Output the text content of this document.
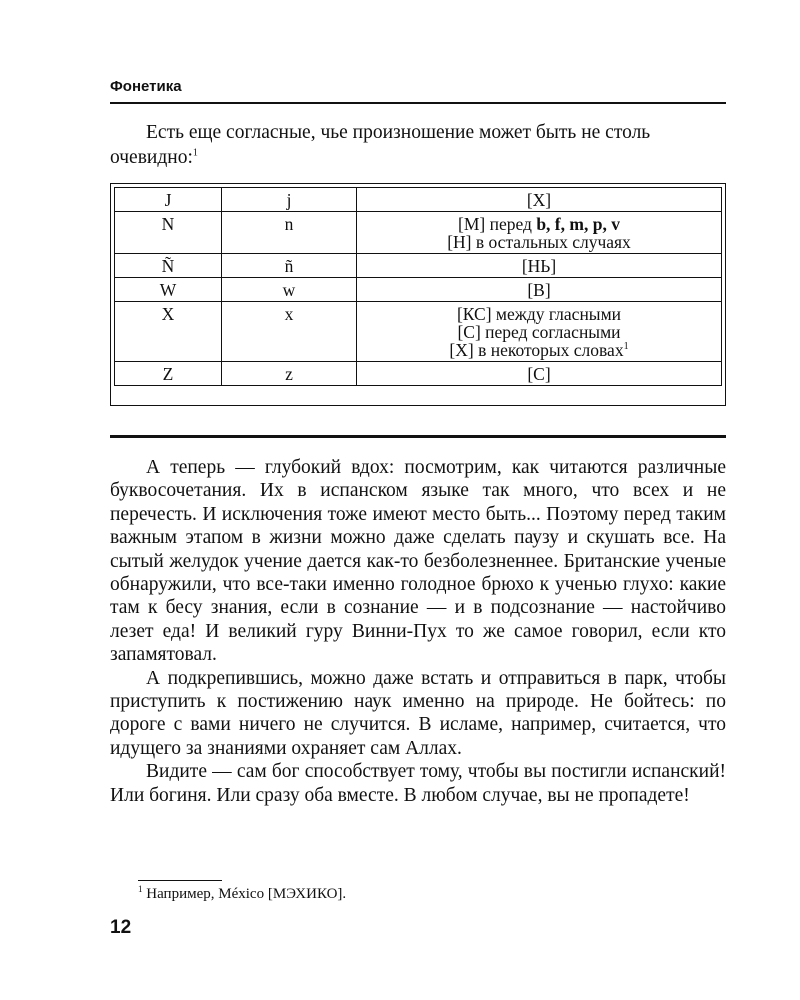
Фонетика

Есть еще согласные, чье произношение может быть не столь очевидно:$^1$

J	j	[Х]

N	n	[М] перед b, f, m, p, v
[Н] в остальных случаях

Ñ	ñ	[НЬ]

W	w	[В]

X	x	[КС] между гласными
[С] перед согласными
[Х] в некоторых словах$^1$

Z	z	[С]

А теперь — глубокий вдох: посмотрим, как читаются различные буквосочетания. Их в испанском языке так много, что всех и не перечесть. И исключения тоже имеют место быть... Поэтому перед таким важным этапом в жизни можно даже сделать паузу и скушать все. На сытый желудок учение дается как-то безболезненнее. Британские ученые обнаружили, что все-таки именно голодное брюхо к ученью глухо: какие там к бесу знания, если в сознание — и в подсознание — настойчиво лезет еда! И великий гуру Винни-Пух то же самое говорил, если кто запамятовал.

А подкрепившись, можно даже встать и отправиться в парк, чтобы приступить к постижению наук именно на природе. Не бойтесь: по дороге с вами ничего не случится. В исламе, например, считается, что идущего за знаниями охраняет сам Аллах.

Видите — сам бог способствует тому, чтобы вы постигли испанский! Или богиня. Или сразу оба вместе. В любом случае, вы не пропадете!

$^1$ Например, México [МЭХИКО].
12
